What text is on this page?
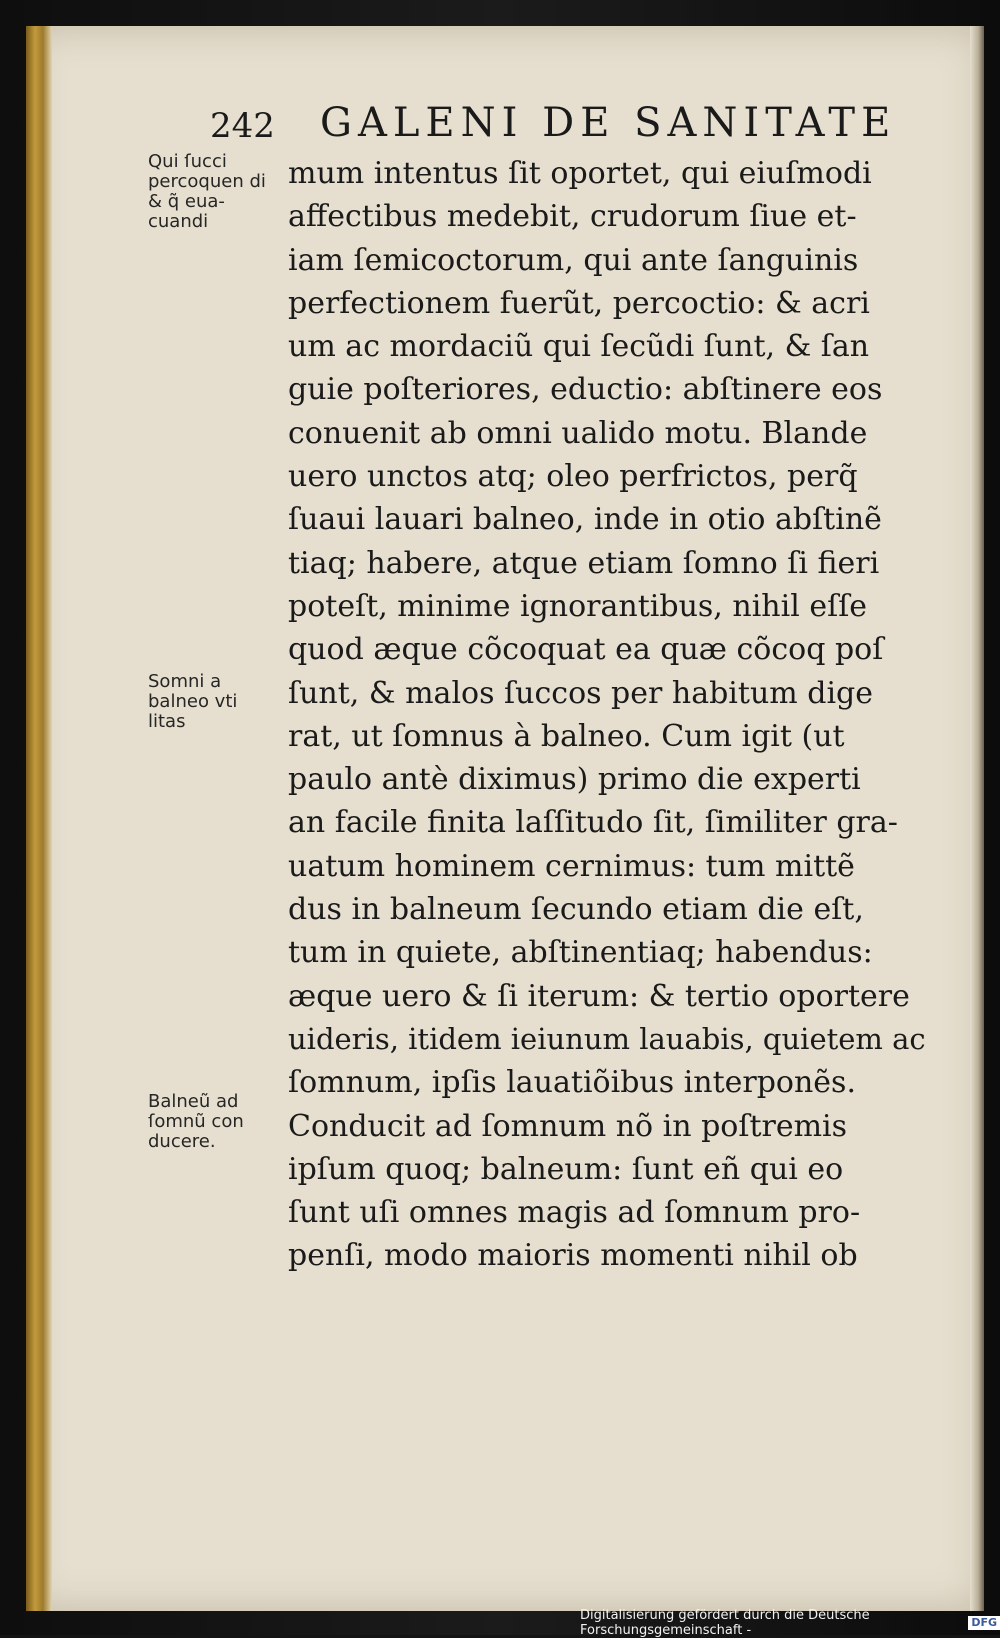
242 GALENI DE SANITATE
Qui ſucci percoquen di & q̃ eua- cuandi
Somni a balneo vti litas
Balneũ ad ſomnũ con ducere.
mum intentus ſit oportet, qui eiuſmodi
affectibus medebit, crudorum ſiue et-
iam ſemicoctorum, qui ante ſanguinis
perfectionem fuerũt, percoctio: & acri
um ac mordaciũ qui ſecũdi ſunt, & ſan
guie poſteriores, eductio: abſtinere eos
conuenit ab omni ualido motu. Blande
uero unctos atq; oleo perfrictos, perq̃
ſuaui lauari balneo, inde in otio abſtinẽ
tiaq; habere, atque etiam ſomno ſi fieri
poteſt, minime ignorantibus, nihil eſſe
quod æque cõcoquat ea quæ cõcoq poſ
ſunt, & malos ſuccos per habitum dige
rat, ut ſomnus à balneo. Cum igit (ut
paulo antè diximus) primo die experti
an facile finita laſſitudo ſit, ſimiliter gra-
uatum hominem cernimus: tum mittẽ
dus in balneum ſecundo etiam die eſt,
tum in quiete, abſtinentiaq; habendus:
æque uero & ſi iterum: & tertio oportere
uideris, itidem ieiunum lauabis, quietem ac
ſomnum, ipſis lauatiõibus interponẽs.
Conducit ad ſomnum nõ in poſtremis
ipſum quoq; balneum: ſunt eñ qui eo
ſunt uſi omnes magis ad ſomnum pro-
penſi, modo maioris momenti nihil ob
Digitalisierung gefördert durch die Deutsche Forschungsgemeinschaft -
DFG
